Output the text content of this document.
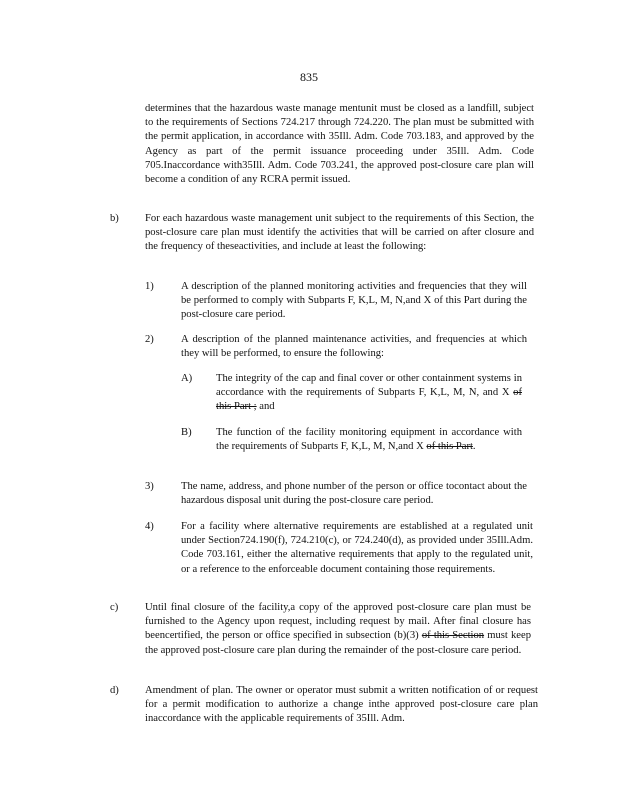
835
determines that the hazardous waste manage mentunit must be closed as a landfill, subject to the requirements of Sections 724.217 through 724.220. The plan must be submitted with the permit application, in accordance with 35Ill. Adm. Code 703.183, and approved by the Agency as part of the permit issuance proceeding under 35Ill. Adm. Code 705.Inaccordance with35Ill. Adm. Code 703.241, the approved post-closure care plan will become a condition of any RCRA permit issued.
b) For each hazardous waste management unit subject to the requirements of this Section, the post-closure care plan must identify the activities that will be carried on after closure and the frequency of theseactivities, and include at least the following:
1)	A description of the planned monitoring activities and frequencies that they will be performed to comply with Subparts F, K,L, M, N,and X of this Part during the post-closure care period.
2)	A description of the planned maintenance activities, and frequencies at which they will be performed, to ensure the following:
A) The integrity of the cap and final cover or other containment systems in accordance with the requirements of Subparts F, K,L, M, N, and X of this Part ; and
B) The function of the facility monitoring equipment in accordance with the requirements of Subparts F, K,L, M, N,and X of this Part.
3)	The name, address, and phone number of the person or office tocontact about the hazardous disposal unit during the post-closure care period.
4)	For a facility where alternative requirements are established at a regulated unit under Section724.190(f), 724.210(c), or 724.240(d), as provided under 35Ill.Adm. Code 703.161, either the alternative requirements that apply to the regulated unit, or a reference to the enforceable document containing those requirements.
c)	Until final closure of the facility,a copy of the approved post-closure care plan must be furnished to the Agency upon request, including request by mail. After final closure has beencertified, the person or office specified in subsection (b)(3) of this Section must keep the approved post-closure care plan during the remainder of the post-closure care period.
d) Amendment of plan. The owner or operator must submit a written notification of or request for a permit modification to authorize a change inthe approved post-closure care plan inaccordance with the applicable requirements of 35Ill. Adm.
